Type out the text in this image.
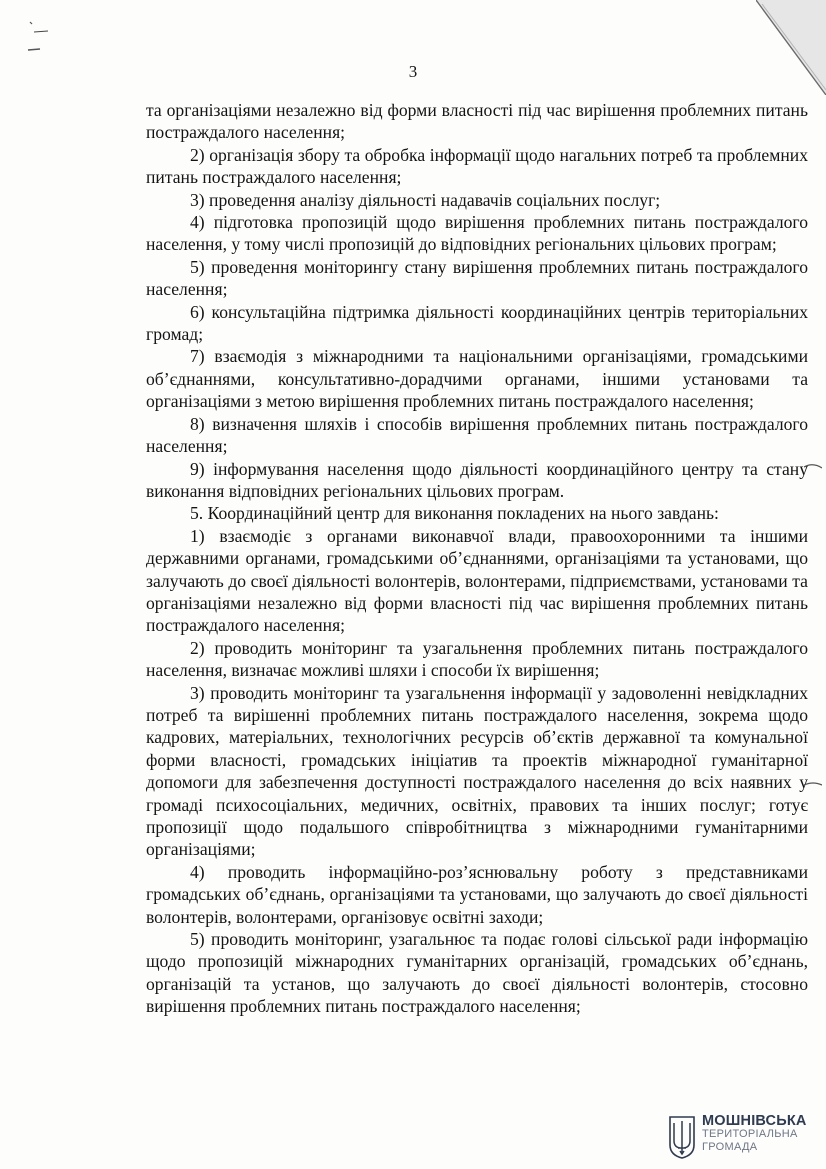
3

та організаціями незалежно від форми власності під час вирішення проблемних питань постраждалого населення;

2) організація збору та обробка інформації щодо нагальних потреб та проблемних питань постраждалого населення;

3) проведення аналізу діяльності надавачів соціальних послуг;

4) підготовка пропозицій щодо вирішення проблемних питань постраждалого населення, у тому числі пропозицій до відповідних регіональних цільових програм;

5) проведення моніторингу стану вирішення проблемних питань постраждалого населення;

6) консультаційна підтримка діяльності координаційних центрів територіальних громад;

7) взаємодія з міжнародними та національними організаціями, громадськими об’єднаннями, консультативно-дорадчими органами, іншими установами та організаціями з метою вирішення проблемних питань постраждалого населення;

8) визначення шляхів і способів вирішення проблемних питань постраждалого населення;

9) інформування населення щодо діяльності координаційного центру та стану виконання відповідних регіональних цільових програм.

5. Координаційний центр для виконання покладених на нього завдань:

1) взаємодіє з органами виконавчої влади, правоохоронними та іншими державними органами, громадськими об’єднаннями, організаціями та установами, що залучають до своєї діяльності волонтерів, волонтерами, підприємствами, установами та організаціями незалежно від форми власності під час вирішення проблемних питань постраждалого населення;

2) проводить моніторинг та узагальнення проблемних питань постраждалого населення, визначає можливі шляхи і способи їх вирішення;

3) проводить моніторинг та узагальнення інформації у задоволенні невідкладних потреб та вирішенні проблемних питань постраждалого населення, зокрема щодо кадрових, матеріальних, технологічних ресурсів об’єктів державної та комунальної форми власності, громадських ініціатив та проектів міжнародної гуманітарної допомоги для забезпечення доступності постраждалого населення до всіх наявних у громаді психосоціальних, медичних, освітніх, правових та інших послуг; готує пропозиції щодо подальшого співробітництва з міжнародними гуманітарними організаціями;

4) проводить інформаційно-роз’яснювальну роботу з представниками громадських об’єднань, організаціями та установами, що залучають до своєї діяльності волонтерів, волонтерами, організовує освітні заходи;

5) проводить моніторинг, узагальнює та подає голові сільської ради інформацію щодо пропозицій міжнародних гуманітарних організацій, громадських об’єднань, організацій та установ, що залучають до своєї діяльності волонтерів, стосовно вирішення проблемних питань постраждалого населення;

МОШНІВСЬКА
ТЕРИТОРІАЛЬНА
ГРОМАДА
